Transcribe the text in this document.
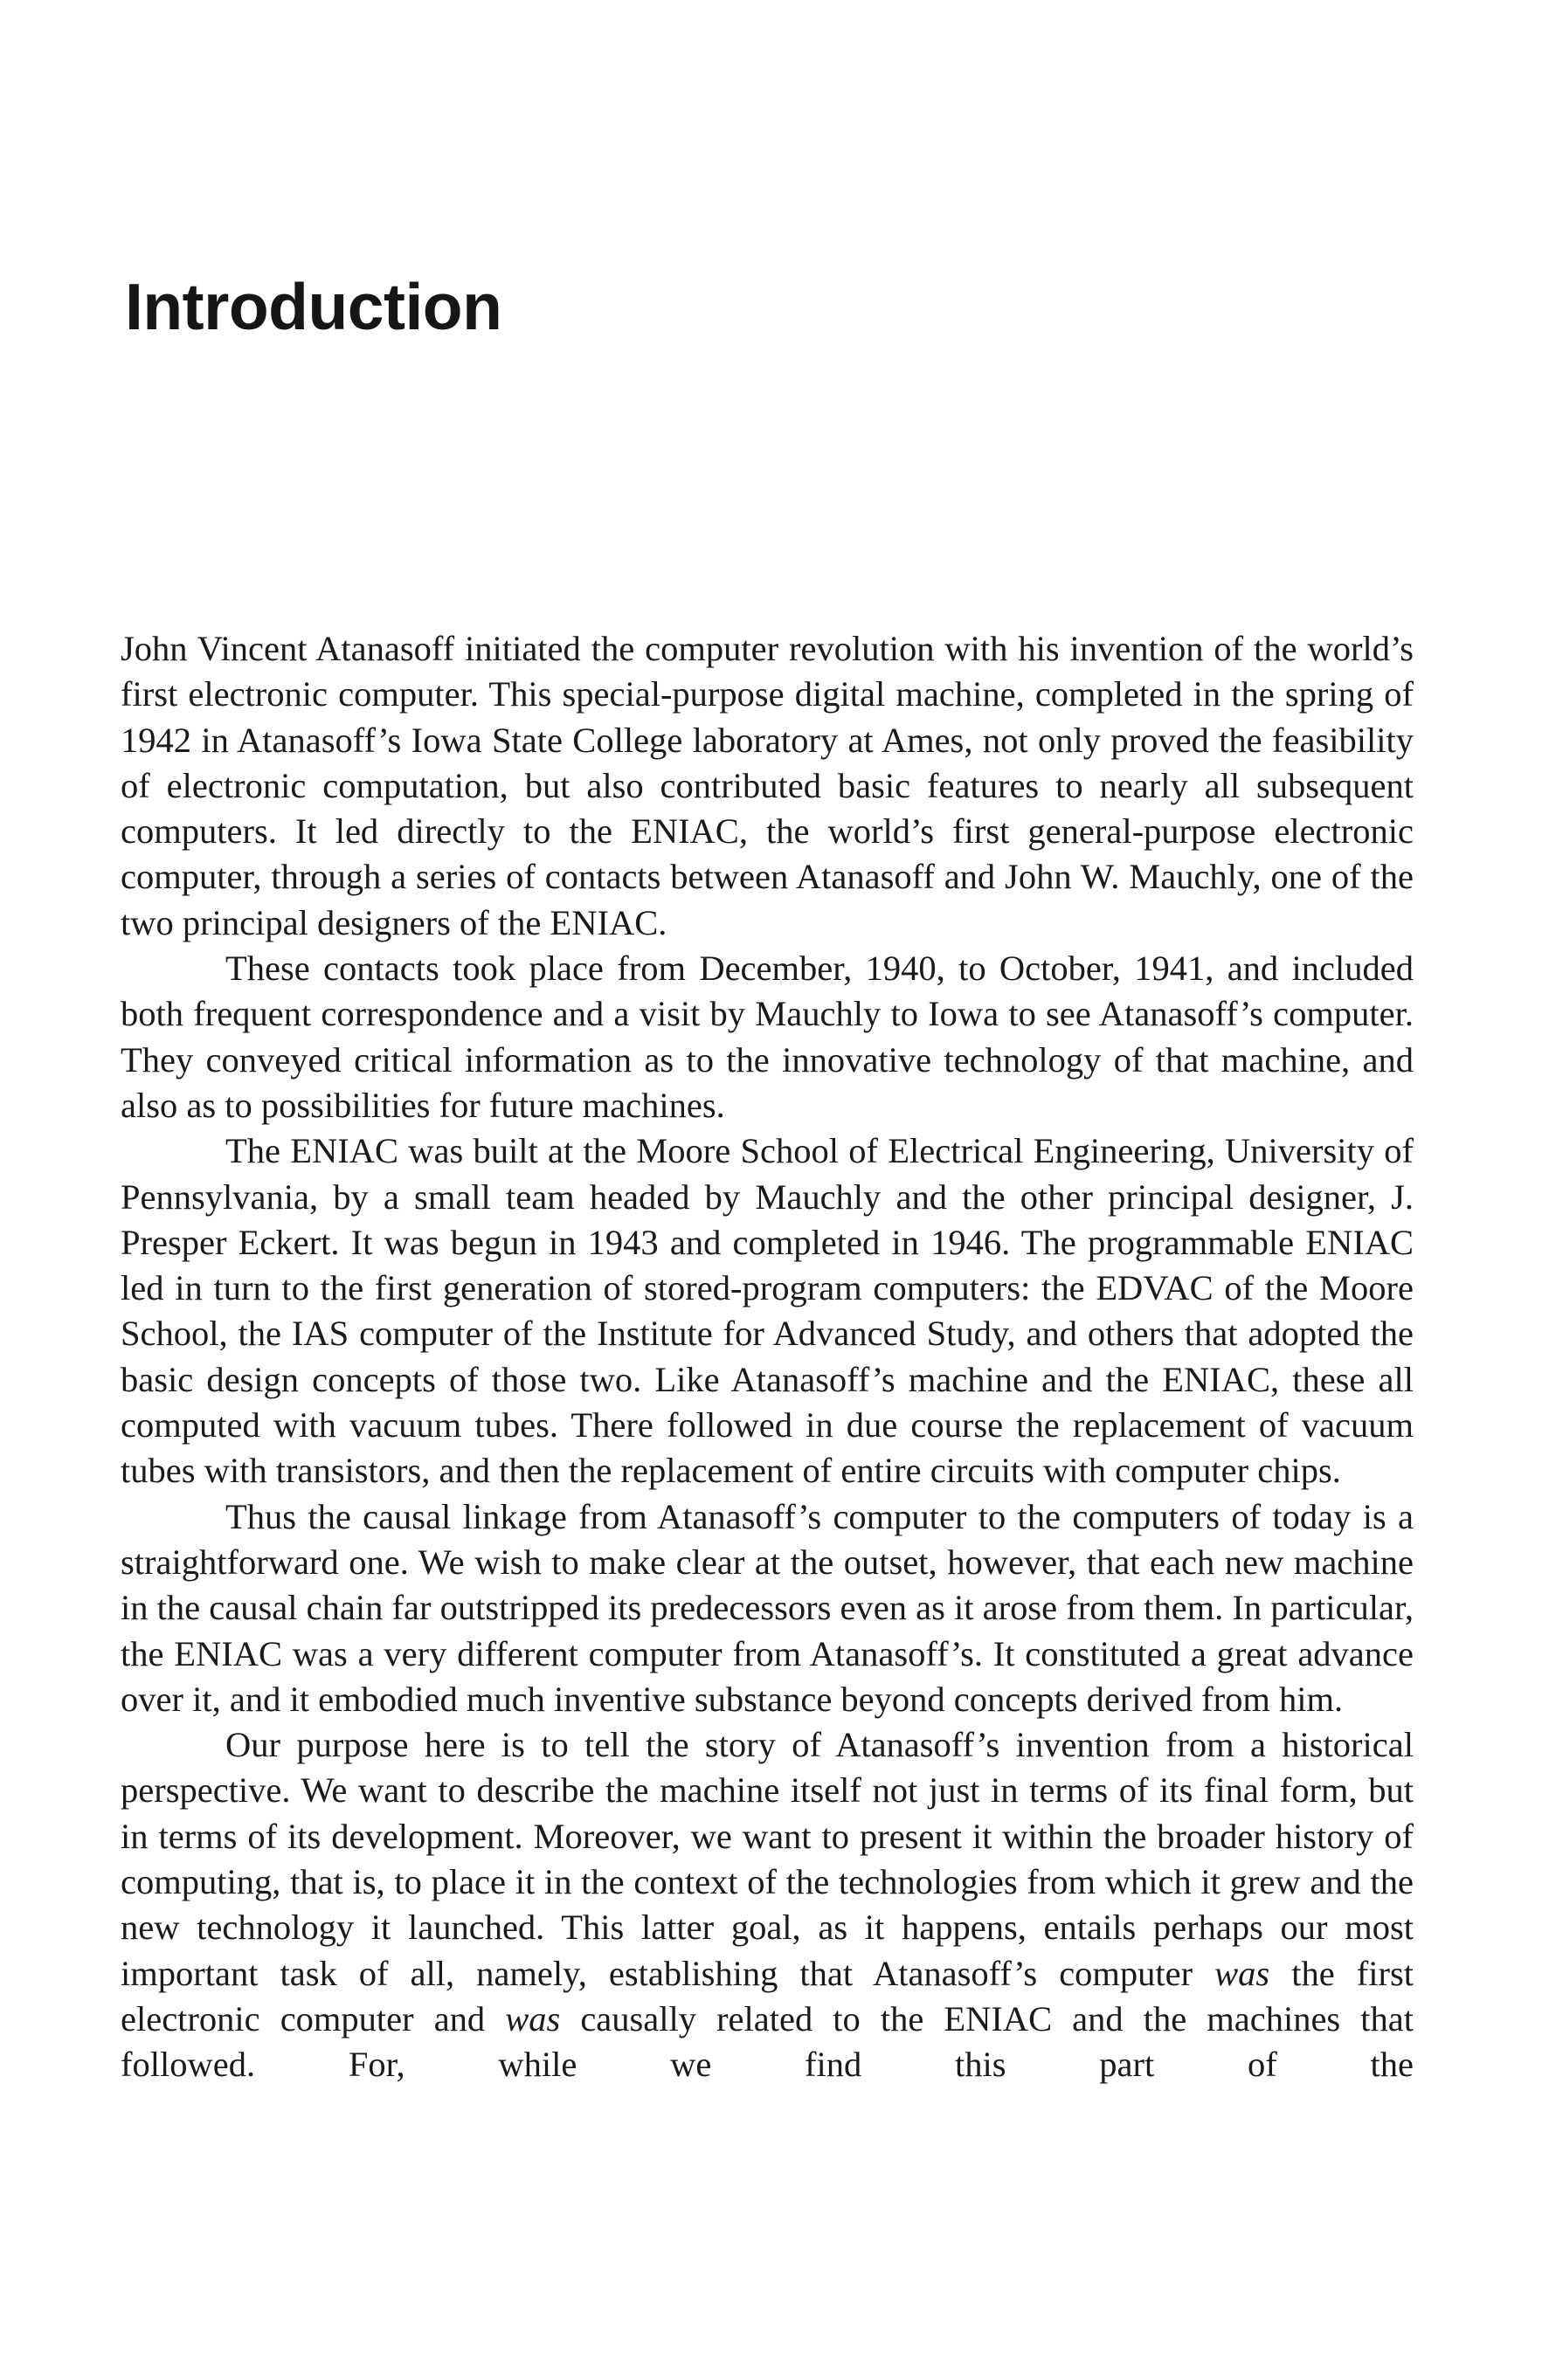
Introduction

John Vincent Atanasoff initiated the computer revolution with his invention of the world’s first electronic computer. This special-purpose digital machine, completed in the spring of 1942 in Atanasoff’s Iowa State College laboratory at Ames, not only proved the feasibility of electronic computation, but also contributed basic features to nearly all subsequent computers. It led directly to the ENIAC, the world’s first general-purpose electronic computer, through a series of contacts between Atanasoff and John W. Mauchly, one of the two principal designers of the ENIAC.

These contacts took place from December, 1940, to October, 1941, and included both frequent correspondence and a visit by Mauchly to Iowa to see Atanasoff’s computer. They conveyed critical information as to the innovative technology of that machine, and also as to possibilities for future machines.

The ENIAC was built at the Moore School of Electrical Engineering, University of Pennsylvania, by a small team headed by Mauchly and the other principal designer, J. Presper Eckert. It was begun in 1943 and completed in 1946. The programmable ENIAC led in turn to the first generation of stored-program computers: the EDVAC of the Moore School, the IAS computer of the Institute for Advanced Study, and others that adopted the basic design concepts of those two. Like Atanasoff’s machine and the ENIAC, these all computed with vacuum tubes. There followed in due course the replacement of vacuum tubes with transistors, and then the replacement of entire circuits with computer chips.

Thus the causal linkage from Atanasoff’s computer to the computers of today is a straightforward one. We wish to make clear at the outset, however, that each new machine in the causal chain far outstripped its predecessors even as it arose from them. In particular, the ENIAC was a very different computer from Atanasoff’s. It constituted a great advance over it, and it embodied much inventive substance beyond concepts derived from him.

Our purpose here is to tell the story of Atanasoff’s invention from a historical perspective. We want to describe the machine itself not just in terms of its final form, but in terms of its development. Moreover, we want to present it within the broader history of computing, that is, to place it in the context of the technologies from which it grew and the new technology it launched. This latter goal, as it happens, entails perhaps our most important task of all, namely, establishing that Atanasoff’s computer was the first electronic computer and was causally related to the ENIAC and the machines that followed. For, while we find this part of the
